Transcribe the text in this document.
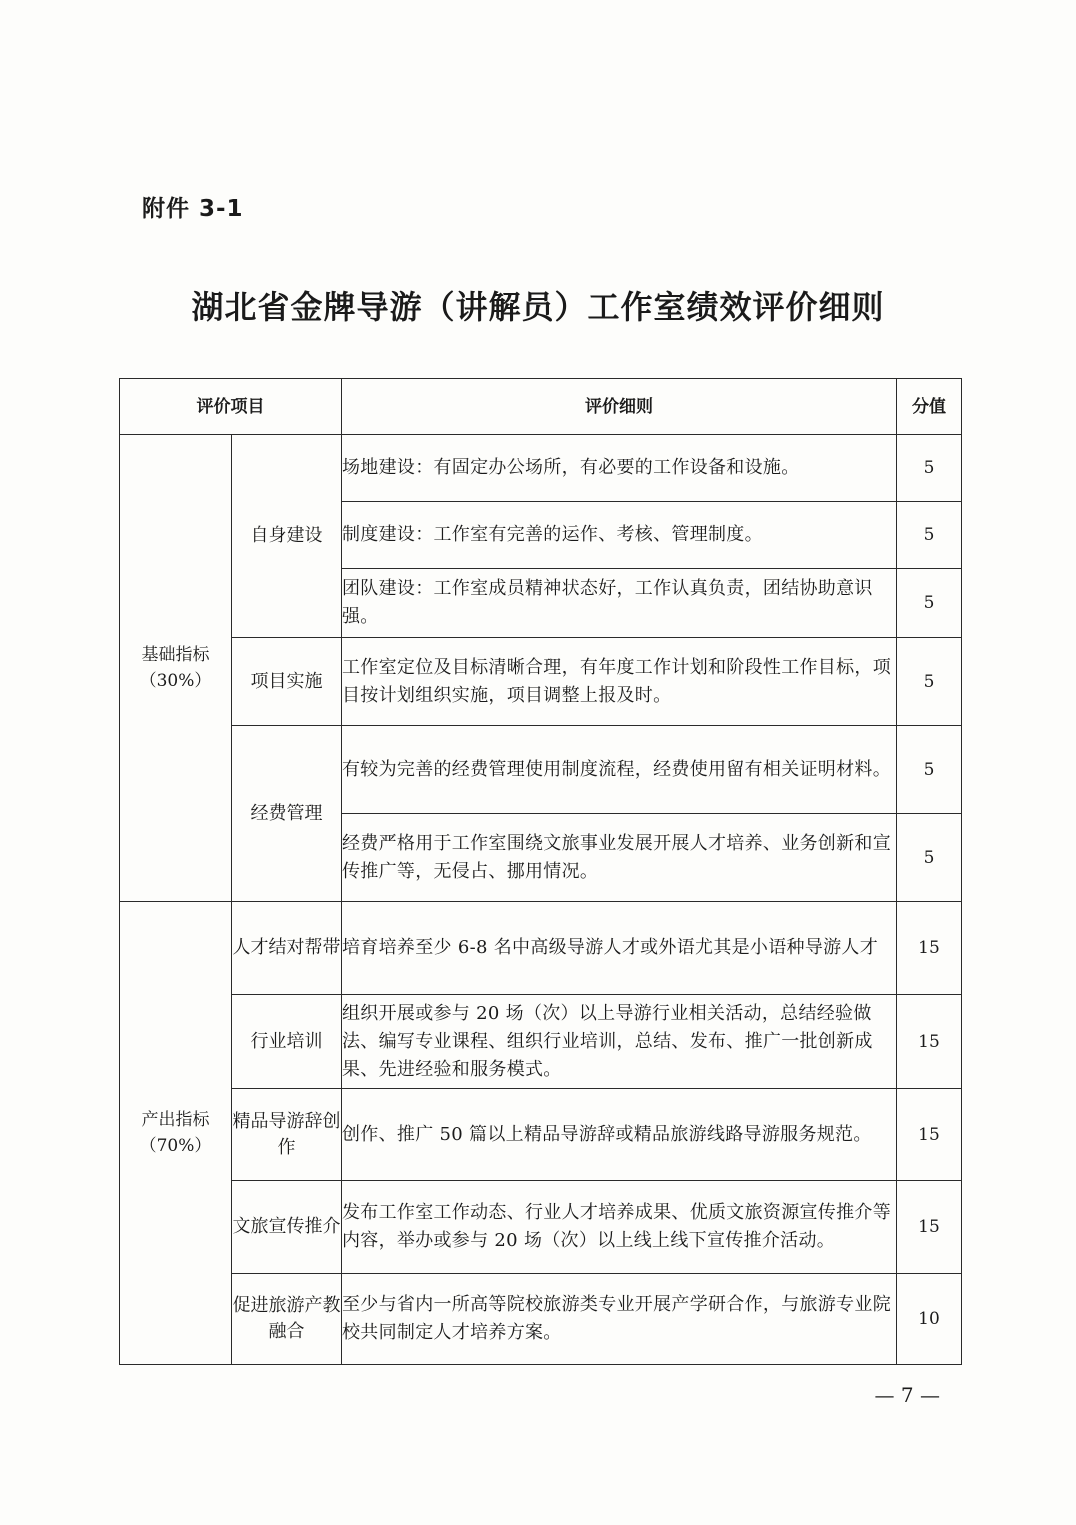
附件 3-1
湖北省金牌导游（讲解员）工作室绩效评价细则
评价项目		评价细则	分值

基础指标
（30%）	自身建设	场地建设：有固定办公场所，有必要的工作设备和设施。	5
		制度建设：工作室有完善的运作、考核、管理制度。	5
		团队建设：工作室成员精神状态好，工作认真负责，团结协助意识强。	5
	项目实施	工作室定位及目标清晰合理，有年度工作计划和阶段性工作目标，项目按计划组织实施，项目调整上报及时。	5
	经费管理	有较为完善的经费管理使用制度流程，经费使用留有相关证明材料。	5
		经费严格用于工作室围绕文旅事业发展开展人才培养、业务创新和宣传推广等，无侵占、挪用情况。	5

产出指标
（70%）	人才结对帮带	培育培养至少 6-8 名中高级导游人才或外语尤其是小语种导游人才	15
	行业培训	组织开展或参与 20 场（次）以上导游行业相关活动，总结经验做法、编写专业课程、组织行业培训，总结、发布、推广一批创新成果、先进经验和服务模式。	15
	精品导游辞创作	创作、推广 50 篇以上精品导游辞或精品旅游线路导游服务规范。	15
	文旅宣传推介	发布工作室工作动态、行业人才培养成果、优质文旅资源宣传推介等内容，举办或参与 20 场（次）以上线上线下宣传推介活动。	15
	促进旅游产教融合	至少与省内一所高等院校旅游类专业开展产学研合作，与旅游专业院校共同制定人才培养方案。	10
— 7 —
